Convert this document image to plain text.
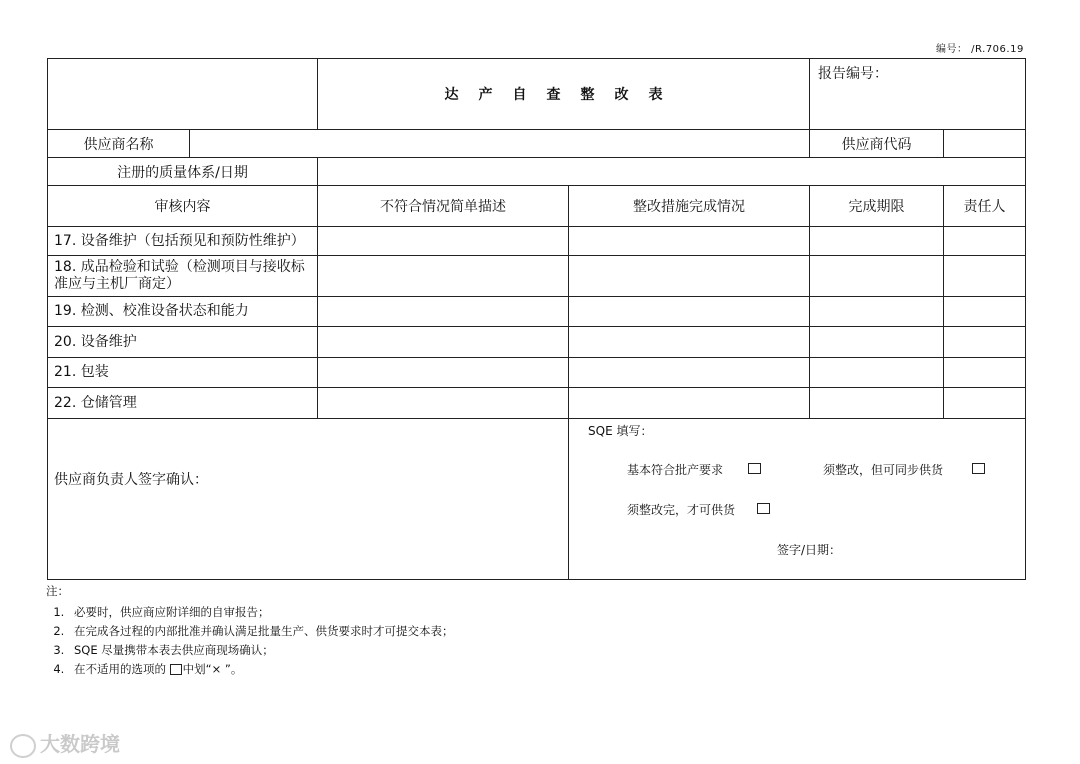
编号： /R.706.19
		达产自查整改表		报告编号：	
供应商名称				供应商代码	
注册的质量体系/日期					
审核内容		不符合情况简单描述	整改措施完成情况	完成期限	责任人
17. 设备维护（包括预见和预防性维护）					
18. 成品检验和试验（检测项目与接收标准应与主机厂商定）					
19. 检测、校准设备状态和能力					
20. 设备维护					
21. 包装					
22. 仓储管理					
供应商负责人签字确认：			SQE 填写：
基本符合批产要求 须整改，但可同步供货
须整改完，才可供货
签字/日期：		
注：
1. 必要时，供应商应附详细的自审报告；
2. 在完成各过程的内部批准并确认满足批量生产、供货要求时才可提交本表；
3. SQE 尽量携带本表去供应商现场确认；
4. 在不适用的选项的 中划“× ”。
大数跨境
